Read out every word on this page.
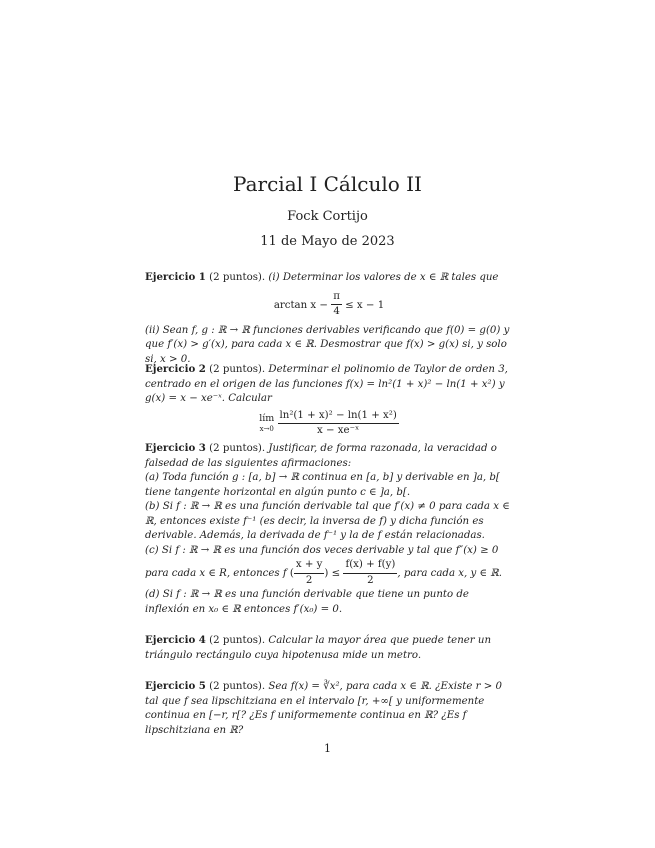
Parcial I Cálculo II
Fock Cortijo
11 de Mayo de 2023

Ejercicio 1 (2 puntos). (i) Determinar los valores de x ∈ ℝ tales que

$\arctan x - \frac{\pi}{4} \le x - 1$

(ii) Sean f, g : ℝ → ℝ funciones derivables verificando que f(0) = g(0) y que f′(x) > g′(x), para cada x ∈ ℝ. Desmostrar que f(x) > g(x) si, y solo si, x > 0.

Ejercicio 2 (2 puntos). Determinar el polinomio de Taylor de orden 3, centrado en el origen de las funciones f(x) = ln²(1 + x)² − ln(1 + x²) y g(x) = x − xe⁻ˣ. Calcular

lím
x→0
$\frac{\text{ln²(1 + x)² − ln(1 + x²)}}{\text{x − xe⁻ˣ}}$

Ejercicio 3 (2 puntos). Justificar, de forma razonada, la veracidad o falsedad de las siguientes afirmaciones:

(a) Toda función g : [a, b] → ℝ continua en [a, b] y derivable en ]a, b[ tiene tangente horizontal en algún punto c ∈ ]a, b[.

(b) Si f : ℝ → ℝ es una función derivable tal que f′(x) ≠ 0 para cada x ∈ ℝ, entonces existe f⁻¹ (es decir, la inversa de f) y dicha función es derivable. Además, la derivada de f⁻¹ y la de f están relacionadas.

(c) Si f : ℝ → ℝ es una función dos veces derivable y tal que f″(x) ≥ 0 para cada x ∈ R, entonces f ( $\frac{x + y}{2}$ ) ≤ $\frac{f(x) + f(y)}{2}$ , para cada x, y ∈ ℝ.

(d) Si f : ℝ → ℝ es una función derivable que tiene un punto de inflexión en x₀ ∈ ℝ entonces f′(x₀) = 0.

Ejercicio 4 (2 puntos). Calcular la mayor área que puede tener un triángulo rectángulo cuya hipotenusa mide un metro.

Ejercicio 5 (2 puntos). Sea f(x) = ∛x², para cada x ∈ ℝ. ¿Existe r > 0 tal que f sea lipschitziana en el intervalo [r, +∞[ y uniformemente continua en [−r, r[? ¿Es f uniformemente continua en ℝ? ¿Es f lipschitziana en ℝ?

1
